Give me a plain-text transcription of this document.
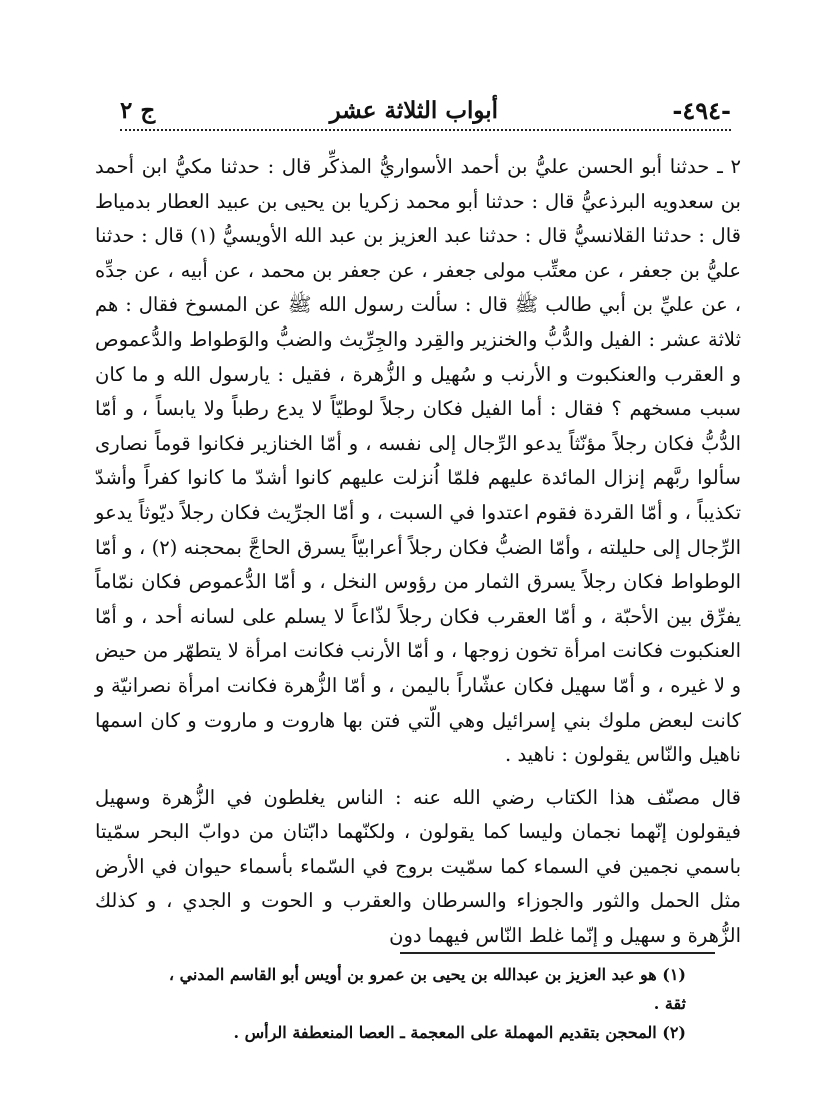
-٤٩٤-
أبواب الثلاثة عشر
ج ٢

٢ ـ حدثنا أبو الحسن عليُّ بن أحمد الأسواريُّ المذكِّر قال : حدثنا مكيُّ ابن أحمد بن سعدويه البرذعيُّ قال : حدثنا أبو محمد زكريا بن يحيى بن عبيد العطار بدمياط قال : حدثنا القلانسيُّ قال : حدثنا عبد العزيز بن عبد الله الأويسيُّ (١) قال : حدثنا عليُّ بن جعفر ، عن معتِّب مولى جعفر ، عن جعفر بن محمد ، عن أبيه ، عن جدِّه ، عن عليِّ بن أبي طالب ﷺ قال : سألت رسول الله ﷺ عن المسوخ فقال : هم ثلاثة عشر : الفيل والدُّبُّ والخنزير والقِرد والجِرِّيث والضبُّ والوَطواط والدُّعموص و العقرب والعنكبوت و الأرنب و سُهيل و الزُّهرة ، فقيل : يارسول الله و ما كان سبب مسخهم ؟ فقال : أما الفيل فكان رجلاً لوطيّاً لا يدع رطباً ولا يابساً ، و أمّا الدُّبُّ فكان رجلاً مؤنّثاً يدعو الرِّجال إلى نفسه ، و أمّا الخنازير فكانوا قوماً نصارى سألوا ربَّهم إنزال المائدة عليهم فلمّا اُنزلت عليهم كانوا أشدّ ما كانوا كفراً وأشدّ تكذيباً ، و أمّا القردة فقوم اعتدوا في السبت ، و أمّا الجرِّيث فكان رجلاً ديّوثاً يدعو الرِّجال إلى حليلته ، وأمّا الضبُّ فكان رجلاً أعرابيّاً يسرق الحاجَّ بمحجنه (٢) ، و أمّا الوطواط فكان رجلاً يسرق الثمار من رؤوس النخل ، و أمّا الدُّعموص فكان نمّاماً يفرِّق بين الأحبّة ، و أمّا العقرب فكان رجلاً لذّاعاً لا يسلم على لسانه أحد ، و أمّا العنكبوت فكانت امرأة تخون زوجها ، و أمّا الأرنب فكانت امرأة لا يتطهّر من حيض و لا غيره ، و أمّا سهيل فكان عشّاراً باليمن ، و أمّا الزُّهرة فكانت امرأة نصرانيّة و كانت لبعض ملوك بني إسرائيل وهي الّتي فتن بها هاروت و ماروت و كان اسمها ناهيل والنّاس يقولون : ناهيد .

قال مصنّف هذا الكتاب رضي الله عنه : الناس يغلطون في الزُّهرة وسهيل فيقولون إنّهما نجمان وليسا كما يقولون ، ولكنّهما دابّتان من دوابّ البحر سمّيتا باسمي نجمين في السماء كما سمّيت بروج في السّماء بأسماء حيوان في الأرض مثل الحمل والثور والجوزاء والسرطان والعقرب و الحوت و الجدي ، و كذلك الزُّهرة و سهيل و إنّما غلط النّاس فيهما دون

(١) هو عبد العزيز بن عبدالله بن يحيى بن عمرو بن أويس أبو القاسم المدني ، ثقة .

(٢) المحجن بتقديم المهملة على المعجمة ـ العصا المنعطفة الرأس .
